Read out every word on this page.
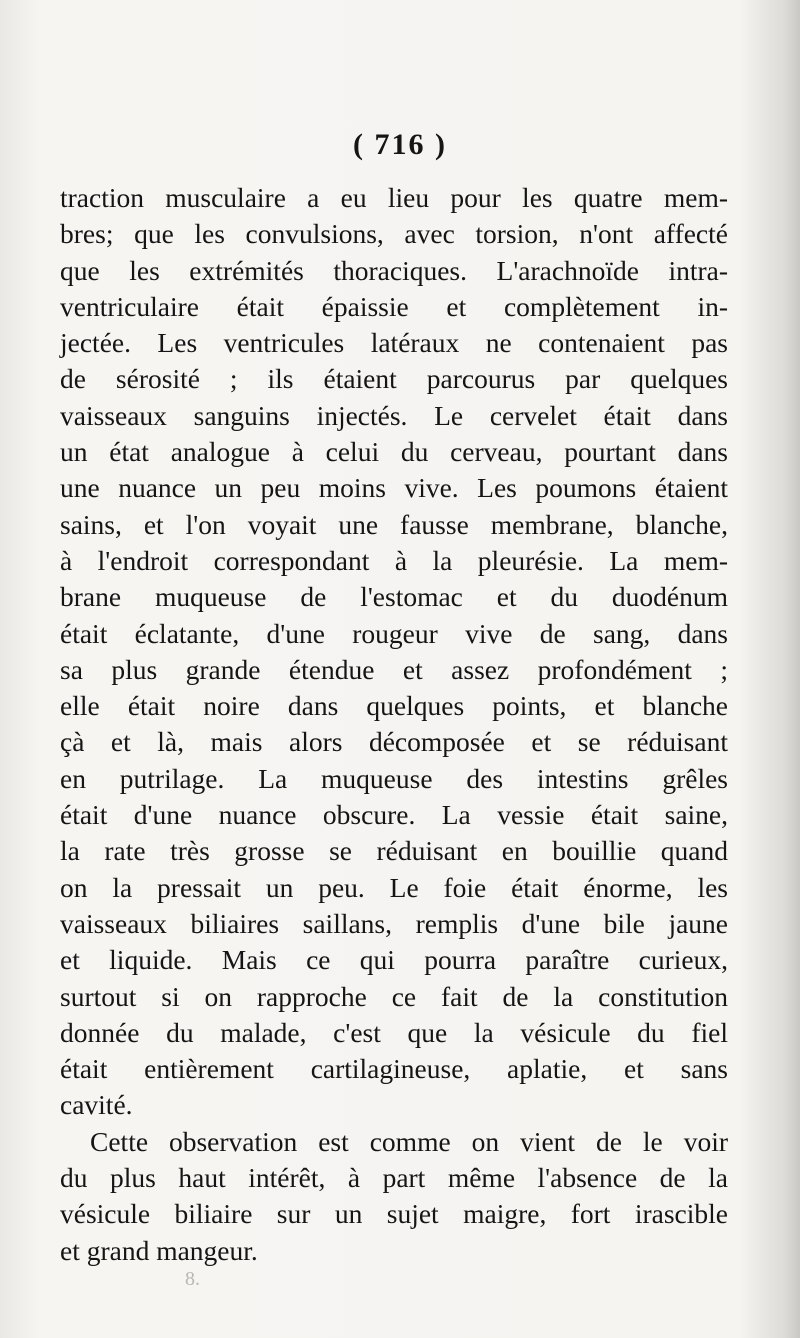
( 716 )
traction musculaire a eu lieu pour les quatre mem-
bres; que les convulsions, avec torsion, n'ont affecté
que les extrémités thoraciques. L'arachnoïde intra-
ventriculaire était épaissie et complètement in-
jectée. Les ventricules latéraux ne contenaient pas
de sérosité ; ils étaient parcourus par quelques
vaisseaux sanguins injectés. Le cervelet était dans
un état analogue à celui du cerveau, pourtant dans
une nuance un peu moins vive. Les poumons étaient
sains, et l'on voyait une fausse membrane, blanche,
à l'endroit correspondant à la pleurésie. La mem-
brane muqueuse de l'estomac et du duodénum
était éclatante, d'une rougeur vive de sang, dans
sa plus grande étendue et assez profondément ;
elle était noire dans quelques points, et blanche
çà et là, mais alors décomposée et se réduisant
en putrilage. La muqueuse des intestins grêles
était d'une nuance obscure. La vessie était saine,
la rate très grosse se réduisant en bouillie quand
on la pressait un peu. Le foie était énorme, les
vaisseaux biliaires saillans, remplis d'une bile jaune
et liquide. Mais ce qui pourra paraître curieux,
surtout si on rapproche ce fait de la constitution
donnée du malade, c'est que la vésicule du fiel
était entièrement cartilagineuse, aplatie, et sans
cavité.
Cette observation est comme on vient de le voir
du plus haut intérêt, à part même l'absence de la
vésicule biliaire sur un sujet maigre, fort irascible
et grand mangeur.
8.
